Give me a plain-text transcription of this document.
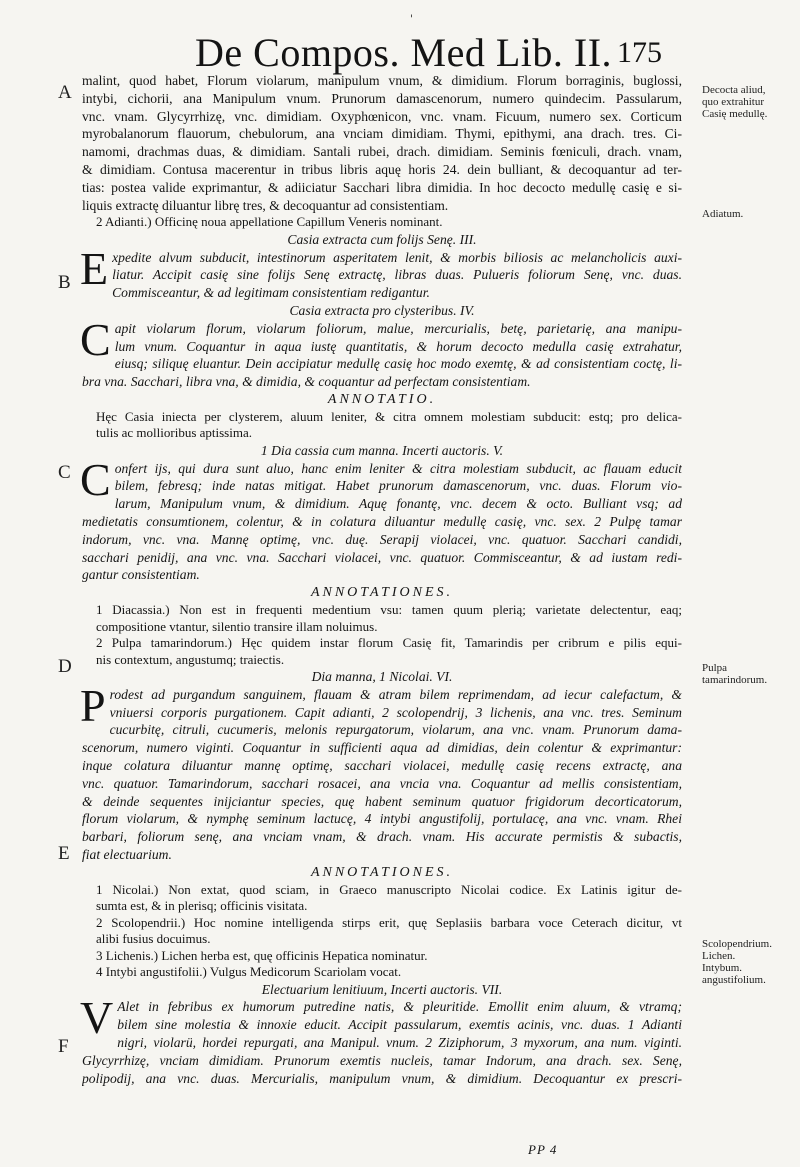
'
De Compos. Med Lib. II. 175
A
B
C
D
E
F
Decocta aliud, quo extrahitur Casię medullę.
Adiatum.
Pulpa tamarindorum.
Scolopendrium. Lichen. Intybum. angustifolium.
malint, quod habet, Florum violarum, manipulum vnum, & dimidium. Florum borraginis, buglossi,
intybi, cichorii, ana Manipulum vnum. Prunorum damascenorum, numero quindecim. Passularum,
vnc. vnam. Glycyrrhizę, vnc. dimidiam. Oxyphœnicon, vnc. vnam. Ficuum, numero sex. Corticum
myrobalanorum flauorum, chebulorum, ana vnciam dimidiam. Thymi, epithymi, ana drach. tres. Ci-
namomi, drachmas duas, & dimidiam. Santali rubei, drach. dimidiam. Seminis fœniculi, drach. vnam,
& dimidiam. Contusa macerentur in tribus libris aquę horis 24. dein bulliant, & decoquantur ad ter-
tias: postea valide exprimantur, & adiiciatur Sacchari libra dimidia. In hoc decocto medullę casię e si-
liquis extractę diluantur librę tres, & decoquantur ad consistentiam.
2 Adianti.) Officinę noua appellatione Capillum Veneris nominant.
Casia extracta cum folijs Senę. III.
E xpedite alvum subducit, intestinorum asperitatem lenit, & morbis biliosis ac melancholicis auxi-
liatur. Accipit casię sine folijs Senę extractę, libras duas. Pulueris foliorum Senę, vnc. duas.
Commisceantur, & ad legitimam consistentiam redigantur.
Casia extracta pro clysteribus. IV.
C apit violarum florum, violarum foliorum, malue, mercurialis, betę, parietarię, ana manipu-
lum vnum. Coquantur in aqua iustę quantitatis, & horum decocto medulla casię extrahatur,
eiusq; siliquę eluantur. Dein accipiatur medullę casię hoc modo exemtę, & ad consistentiam coctę, li-
bra vna. Sacchari, libra vna, & dimidia, & coquantur ad perfectam consistentiam.
ANNOTATIO.
Hęc Casia iniecta per clysterem, aluum leniter, & citra omnem molestiam subducit: estq; pro delica-
tulis ac mollioribus aptissima.
1 Dia cassia cum manna. Incerti auctoris. V.
C onfert ijs, qui dura sunt aluo, hanc enim leniter & citra molestiam subducit, ac flauam educit
bilem, febresq; inde natas mitigat. Habet prunorum damascenorum, vnc. duas. Florum vio-
larum, Manipulum vnum, & dimidium. Aquę fonantę, vnc. decem & octo. Bulliant vsq; ad
medietatis consumtionem, colentur, & in colatura diluantur medullę casię, vnc. sex. 2 Pulpę tamar
indorum, vnc. vna. Mannę optimę, vnc. duę. Serapij violacei, vnc. quatuor. Sacchari candidi,
sacchari penidij, ana vnc. vna. Sacchari violacei, vnc. quatuor. Commisceantur, & ad iustam redi-
gantur consistentiam.
ANNOTATIONES.
1 Diacassia.) Non est in frequenti medentium vsu: tamen quum plerią; varietate delectentur, eaq;
compositione vtantur, silentio transire illam noluimus.
2 Pulpa tamarindorum.) Hęc quidem instar florum Casię fit, Tamarindis per cribrum e pilis equi-
nis contextum, angustumq; traiectis.
Dia manna, 1 Nicolai. VI.
P rodest ad purgandum sanguinem, flauam & atram bilem reprimendam, ad iecur calefactum, &
vniuersi corporis purgationem. Capit adianti, 2 scolopendrij, 3 lichenis, ana vnc. tres. Seminum
cucurbitę, citruli, cucumeris, melonis repurgatorum, violarum, ana vnc. vnam. Prunorum dama-
scenorum, numero viginti. Coquantur in sufficienti aqua ad dimidias, dein colentur & exprimantur:
inque colatura diluantur mannę optimę, sacchari violacei, medullę casię recens extractę, ana
vnc. quatuor. Tamarindorum, sacchari rosacei, ana vncia vna. Coquantur ad mellis consistentiam,
& deinde sequentes inijciantur species, quę habent seminum quatuor frigidorum decorticatorum,
florum violarum, & nymphę seminum lactucę, 4 intybi angustifolij, portulacę, ana vnc. vnam. Rhei
barbari, foliorum senę, ana vnciam vnam, & drach. vnam. His accurate permistis & subactis,
fiat electuarium.
ANNOTATIONES.
1 Nicolai.) Non extat, quod sciam, in Graeco manuscripto Nicolai codice. Ex Latinis igitur de-
sumta est, & in plerisq; officinis visitata.
2 Scolopendrii.) Hoc nomine intelligenda stirps erit, quę Seplasiis barbara voce Ceterach dicitur, vt
alibi fusius docuimus.
3 Lichenis.) Lichen herba est, quę officinis Hepatica nominatur.
4 Intybi angustifolii.) Vulgus Medicorum Scariolam vocat.
Electuarium lenitiuum, Incerti auctoris. VII.
V Alet in febribus ex humorum putredine natis, & pleuritide. Emollit enim aluum, & vtramq;
bilem sine molestia & innoxie educit. Accipit passularum, exemtis acinis, vnc. duas. 1 Adianti
nigri, violarü, hordei repurgati, ana Manipul. vnum. 2 Ziziphorum, 3 myxorum, ana num. viginti.
Glycyrrhizę, vnciam dimidiam. Prunorum exemtis nucleis, tamar Indorum, ana drach. sex. Senę,
polipodij, ana vnc. duas. Mercurialis, manipulum vnum, & dimidium. Decoquantur ex prescri-
PP 4
